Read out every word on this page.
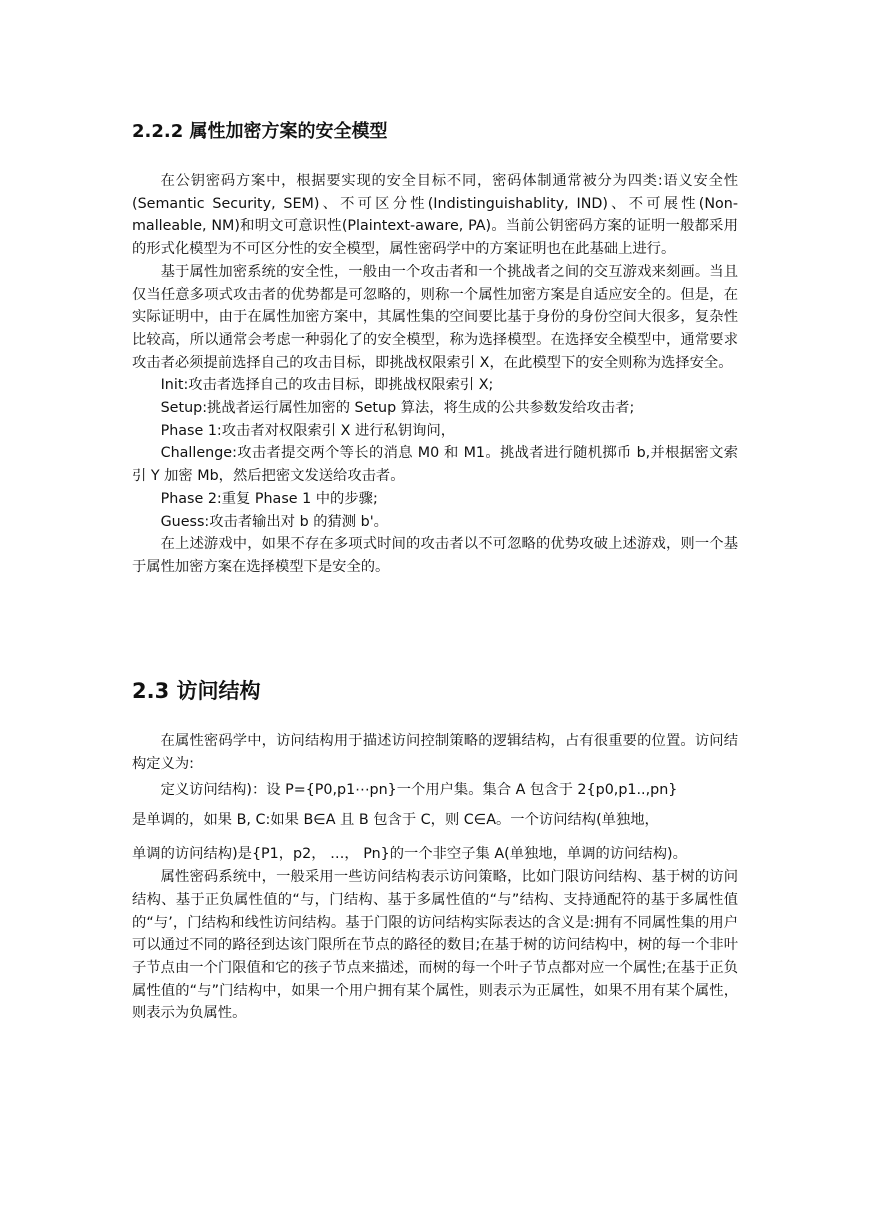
2.2.2 属性加密方案的安全模型

在公钥密码方案中，根据要实现的安全目标不同，密码体制通常被分为四类:语义安全性(Semantic Security, SEM)、不可区分性(Indistinguishablity, IND)、不可展性(Non-malleable, NM)和明文可意识性(Plaintext-aware, PA)。当前公钥密码方案的证明一般都采用的形式化模型为不可区分性的安全模型，属性密码学中的方案证明也在此基础上进行。

基于属性加密系统的安全性，一般由一个攻击者和一个挑战者之间的交互游戏来刻画。当且仅当任意多项式攻击者的优势都是可忽略的，则称一个属性加密方案是自适应安全的。但是，在实际证明中，由于在属性加密方案中，其属性集的空间要比基于身份的身份空间大很多，复杂性比较高，所以通常会考虑一种弱化了的安全模型，称为选择模型。在选择安全模型中，通常要求攻击者必须提前选择自己的攻击目标，即挑战权限索引 X，在此模型下的安全则称为选择安全。

Init:攻击者选择自己的攻击目标，即挑战权限索引 X;

Setup:挑战者运行属性加密的 Setup 算法，将生成的公共参数发给攻击者;

Phase 1:攻击者对权限索引 X 进行私钥询问，

Challenge:攻击者提交两个等长的消息 M0 和 M1。挑战者进行随机掷币 b,并根据密文索引 Y 加密 Mb，然后把密文发送给攻击者。

Phase 2:重复 Phase 1 中的步骤;

Guess:攻击者输出对 b 的猜测 b'。

在上述游戏中，如果不存在多项式时间的攻击者以不可忽略的优势攻破上述游戏，则一个基于属性加密方案在选择模型下是安全的。

2.3 访问结构

在属性密码学中，访问结构用于描述访问控制策略的逻辑结构，占有很重要的位置。访问结构定义为:

定义访问结构)：设 P={P0,p1⋯pn}一个用户集。集合 A 包含于 2{p0,p1..,pn}

是单调的，如果 B, C:如果 B∈A 且 B 包含于 C，则 C∈A。一个访问结构(单独地，

单调的访问结构)是{P1，p2， …， Pn}的一个非空子集 A(单独地，单调的访问结构)。

属性密码系统中，一般采用一些访问结构表示访问策略，比如门限访问结构、基于树的访问结构、基于正负属性值的“与，门结构、基于多属性值的“与”结构、支持通配符的基于多属性值的“与’，门结构和线性访问结构。基于门限的访问结构实际表达的含义是:拥有不同属性集的用户可以通过不同的路径到达该门限所在节点的路径的数目;在基于树的访问结构中，树的每一个非叶子节点由一个门限值和它的孩子节点来描述，而树的每一个叶子节点都对应一个属性;在基于正负属性值的“与”门结构中，如果一个用户拥有某个属性，则表示为正属性，如果不用有某个属性，则表示为负属性。
